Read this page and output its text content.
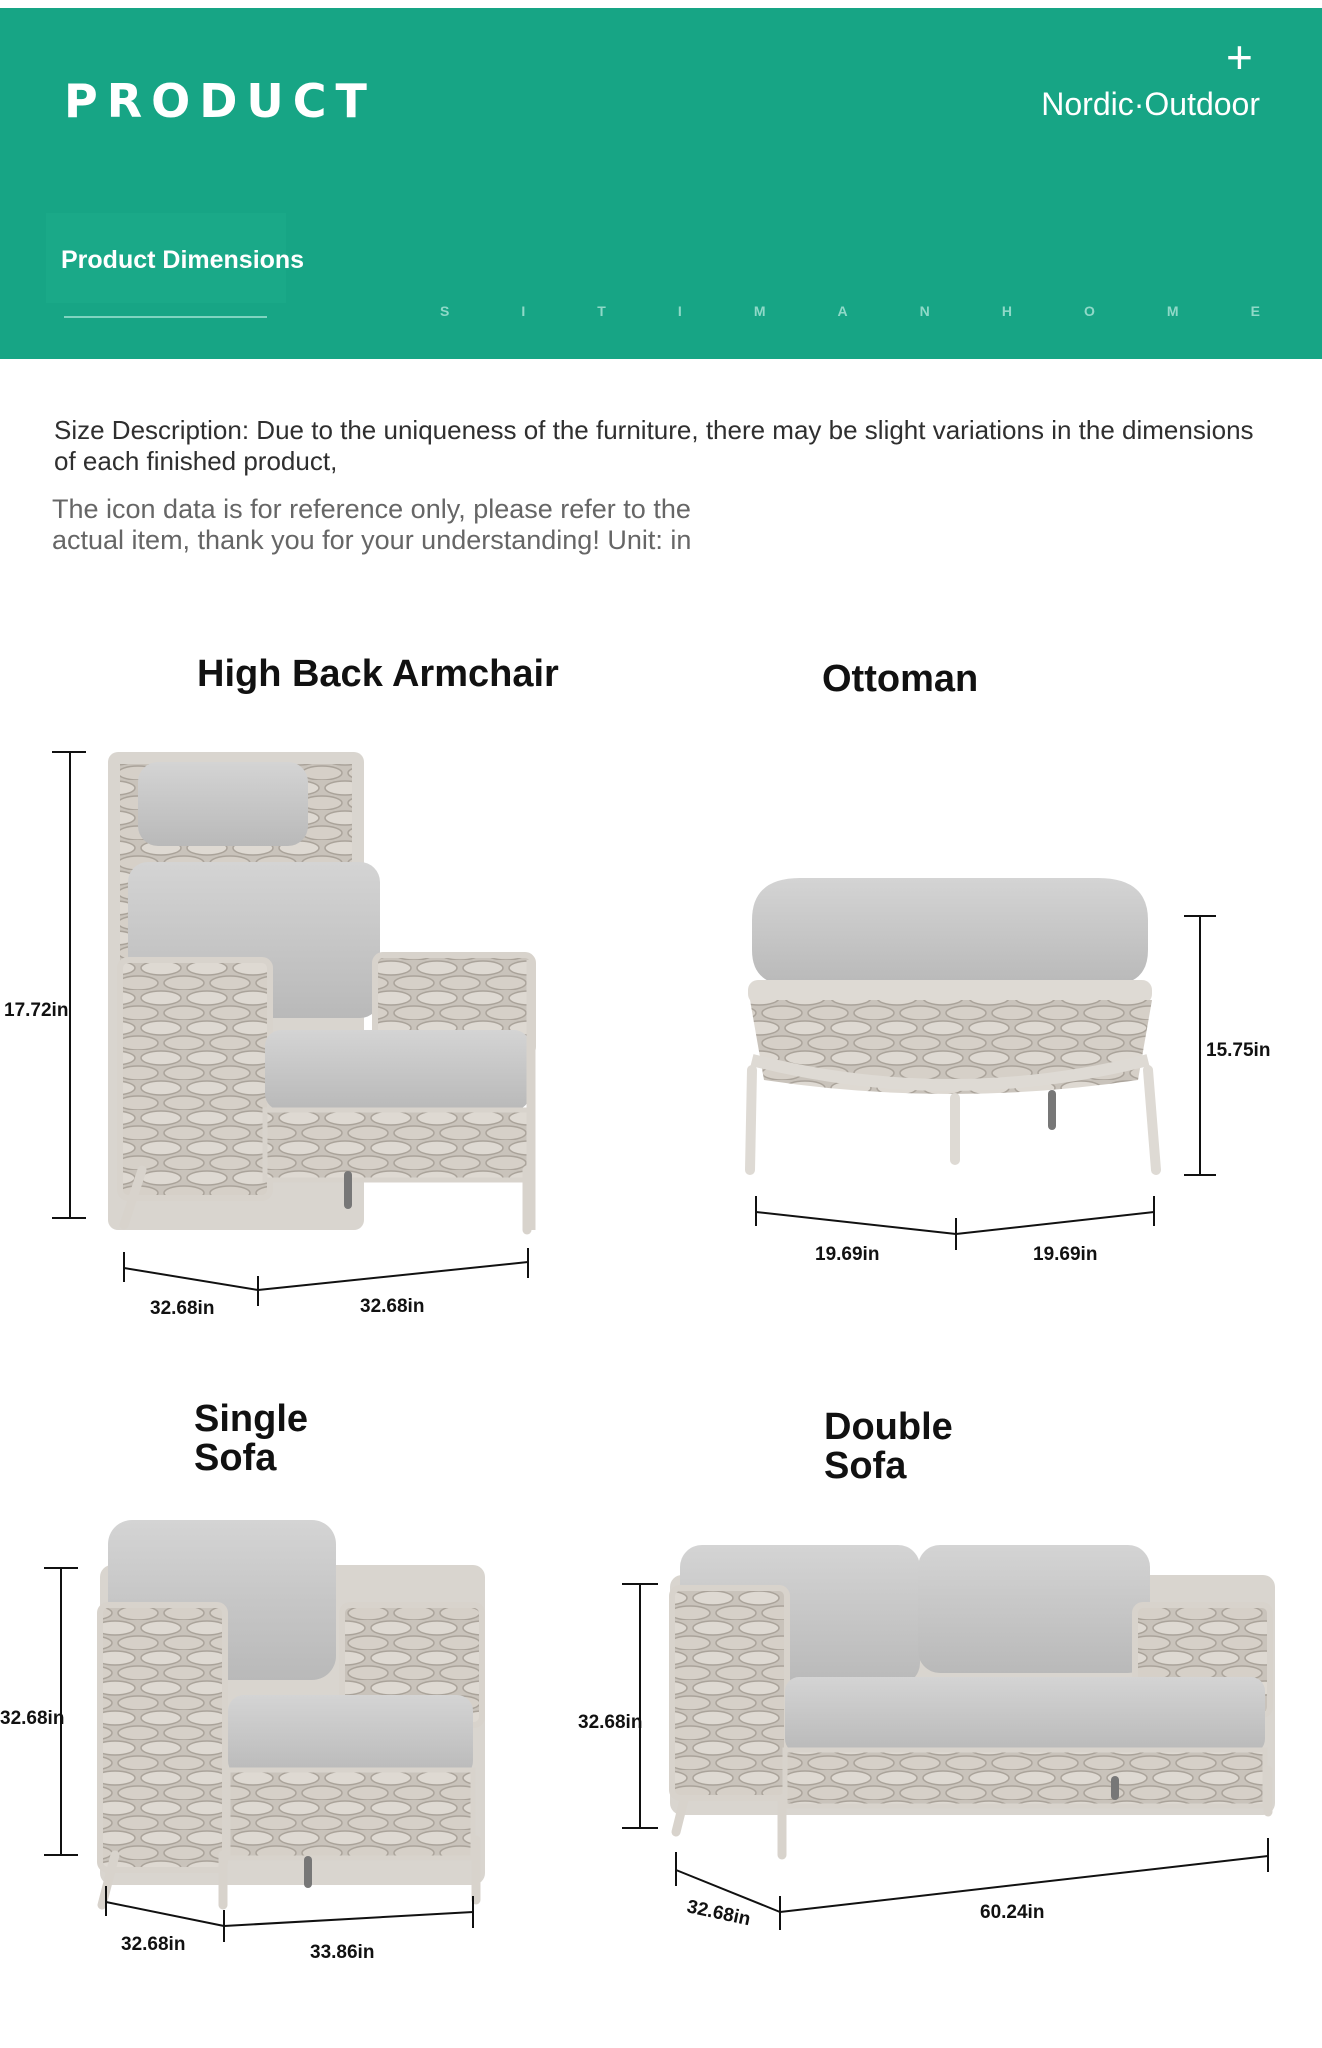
PRODUCT
+
Nordic·Outdoor
Product Dimensions
S	I	T	I	M	A	N	H	O	M	E
Size Description: Due to the uniqueness of the furniture, there may be slight variations in the dimensions
of each finished product,
The icon data is for reference only, please refer to the actual item, thank you for your understanding! Unit: in
High Back Armchair	Ottoman
Single
Sofa
Double
Sofa
17.72in
32.68in	32.68in
15.75in
19.69in	19.69in
32.68in
32.68in	33.86in
32.68in
32.68in	60.24in
